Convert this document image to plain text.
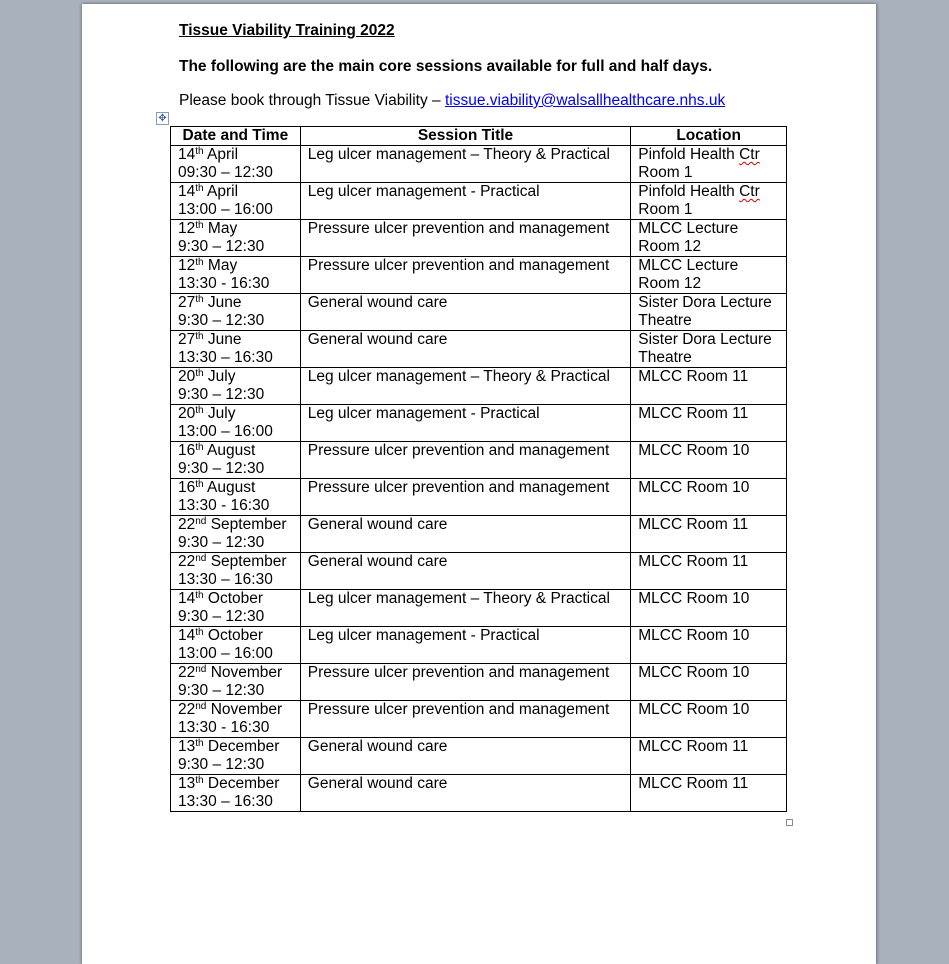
Tissue Viability Training 2022
The following are the main core sessions available for full and half days.
Please book through Tissue Viability – tissue.viability@walsallhealthcare.nhs.uk
✥
Date and Time	Session Title	Location

14th April
09:30 – 12:30	Leg ulcer management – Theory & Practical	Pinfold Health Ctr
Room 1

14th April
13:00 – 16:00	Leg ulcer management - Practical	Pinfold Health Ctr
Room 1

12th May
9:30 – 12:30	Pressure ulcer prevention and management	MLCC Lecture
Room 12

12th May
13:30 - 16:30	Pressure ulcer prevention and management	MLCC Lecture
Room 12

27th June
9:30 – 12:30	General wound care	Sister Dora Lecture
Theatre

27th June
13:30 – 16:30	General wound care	Sister Dora Lecture
Theatre

20th July
9:30 – 12:30	Leg ulcer management – Theory & Practical	MLCC Room 11

20th July
13:00 – 16:00	Leg ulcer management - Practical	MLCC Room 11

16th August
9:30 – 12:30	Pressure ulcer prevention and management	MLCC Room 10

16th August
13:30 - 16:30	Pressure ulcer prevention and management	MLCC Room 10

22nd September
9:30 – 12:30	General wound care	MLCC Room 11

22nd September
13:30 – 16:30	General wound care	MLCC Room 11

14th October
9:30 – 12:30	Leg ulcer management – Theory & Practical	MLCC Room 10

14th October
13:00 – 16:00	Leg ulcer management - Practical	MLCC Room 10

22nd November
9:30 – 12:30	Pressure ulcer prevention and management	MLCC Room 10

22nd November
13:30 - 16:30	Pressure ulcer prevention and management	MLCC Room 10

13th December
9:30 – 12:30	General wound care	MLCC Room 11

13th December
13:30 – 16:30	General wound care	MLCC Room 11
